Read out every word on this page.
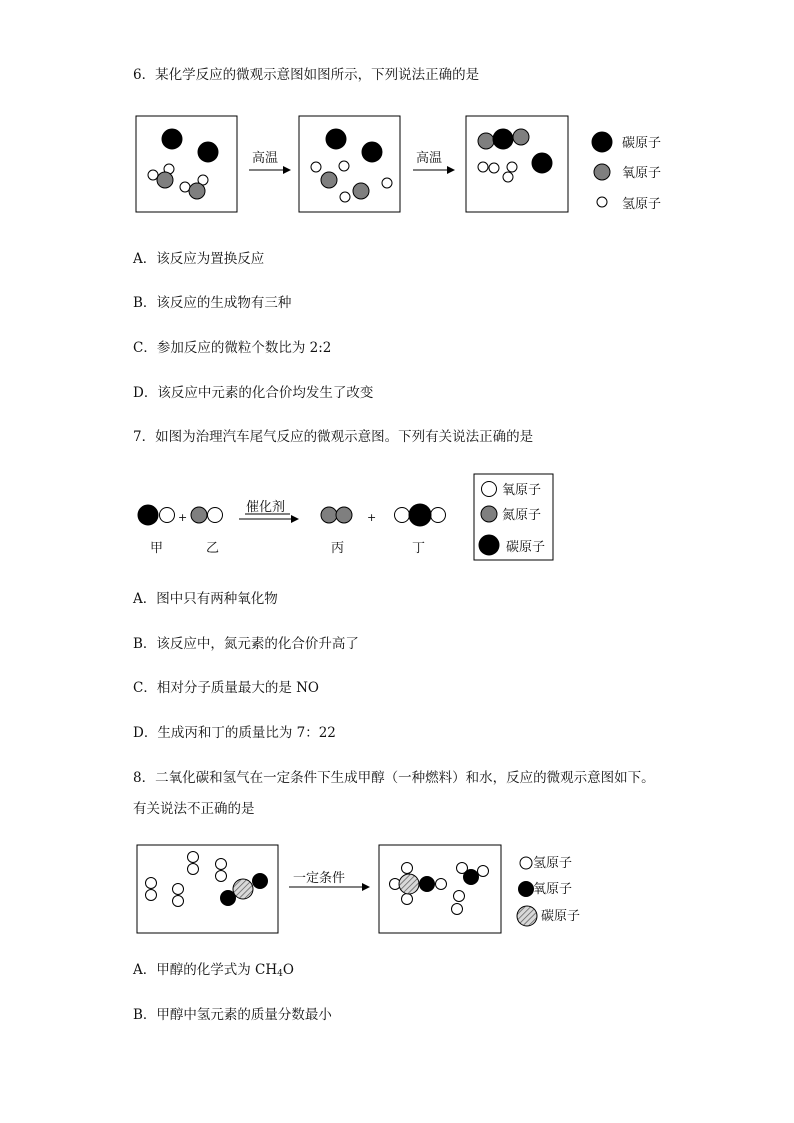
6．某化学反应的微观示意图如图所示，下列说法正确的是
高温	高温
碳原子
氧原子
氢原子
+
催化剂
+
甲	乙	丙	丁
氧原子
氮原子
碳原子
一定条件
氢原子
氧原子
碳原子
A．该反应为置换反应
B．该反应的生成物有三种
C．参加反应的微粒个数比为 2:2
D．该反应中元素的化合价均发生了改变
7．如图为治理汽车尾气反应的微观示意图。下列有关说法正确的是
A．图中只有两种氧化物
B．该反应中，氮元素的化合价升高了
C．相对分子质量最大的是 NO
D．生成丙和丁的质量比为 7：22
8．二氧化碳和氢气在一定条件下生成甲醇（一种燃料）和水，反应的微观示意图如下。
有关说法不正确的是
A．甲醇的化学式为 $CH_4O$
B．甲醇中氢元素的质量分数最小
